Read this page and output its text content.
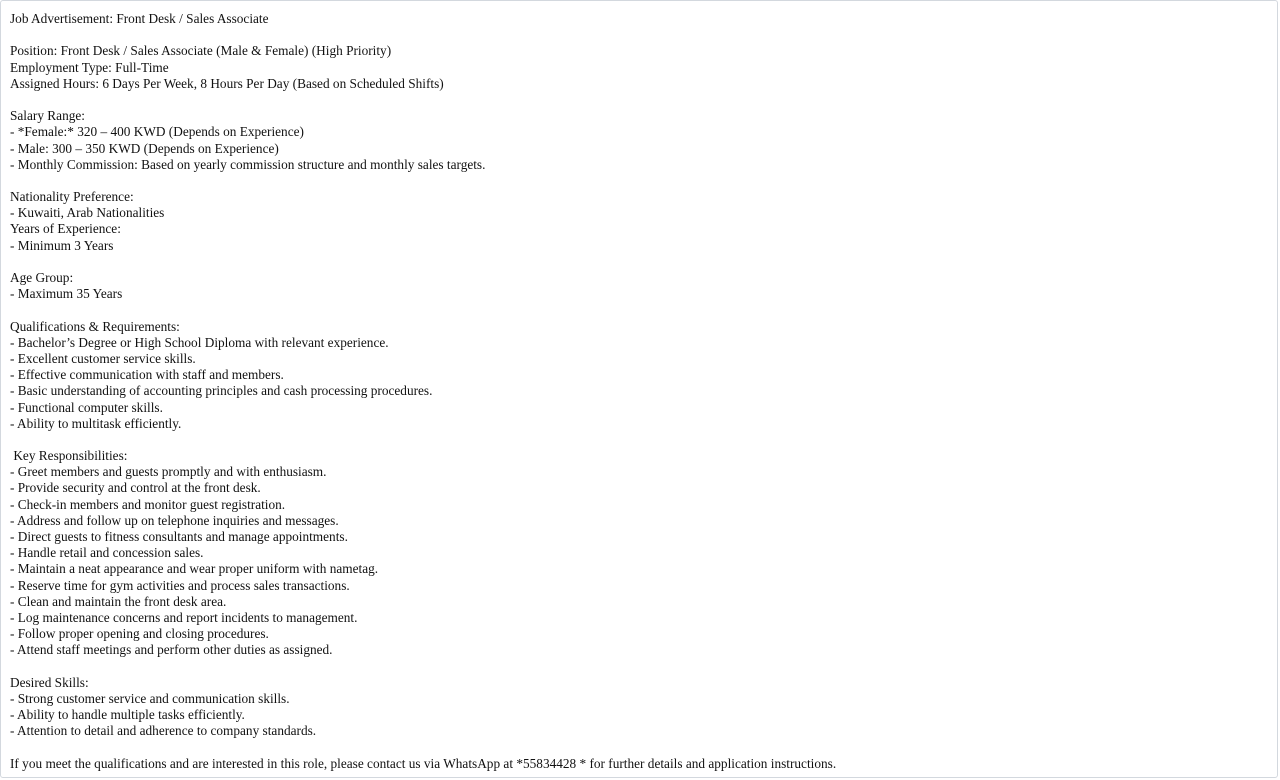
Job Advertisement: Front Desk / Sales Associate
Position: Front Desk / Sales Associate (Male & Female) (High Priority)
Employment Type: Full-Time
Assigned Hours: 6 Days Per Week, 8 Hours Per Day (Based on Scheduled Shifts)
Salary Range:
- *Female:* 320 – 400 KWD (Depends on Experience)
- Male: 300 – 350 KWD (Depends on Experience)
- Monthly Commission: Based on yearly commission structure and monthly sales targets.
Nationality Preference:
- Kuwaiti, Arab Nationalities
Years of Experience:
- Minimum 3 Years
Age Group:
- Maximum 35 Years
Qualifications & Requirements:
- Bachelor’s Degree or High School Diploma with relevant experience.
- Excellent customer service skills.
- Effective communication with staff and members.
- Basic understanding of accounting principles and cash processing procedures.
- Functional computer skills.
- Ability to multitask efficiently.
Key Responsibilities:
- Greet members and guests promptly and with enthusiasm.
- Provide security and control at the front desk.
- Check-in members and monitor guest registration.
- Address and follow up on telephone inquiries and messages.
- Direct guests to fitness consultants and manage appointments.
- Handle retail and concession sales.
- Maintain a neat appearance and wear proper uniform with nametag.
- Reserve time for gym activities and process sales transactions.
- Clean and maintain the front desk area.
- Log maintenance concerns and report incidents to management.
- Follow proper opening and closing procedures.
- Attend staff meetings and perform other duties as assigned.
Desired Skills:
- Strong customer service and communication skills.
- Ability to handle multiple tasks efficiently.
- Attention to detail and adherence to company standards.
If you meet the qualifications and are interested in this role, please contact us via WhatsApp at *55834428 * for further details and application instructions.
